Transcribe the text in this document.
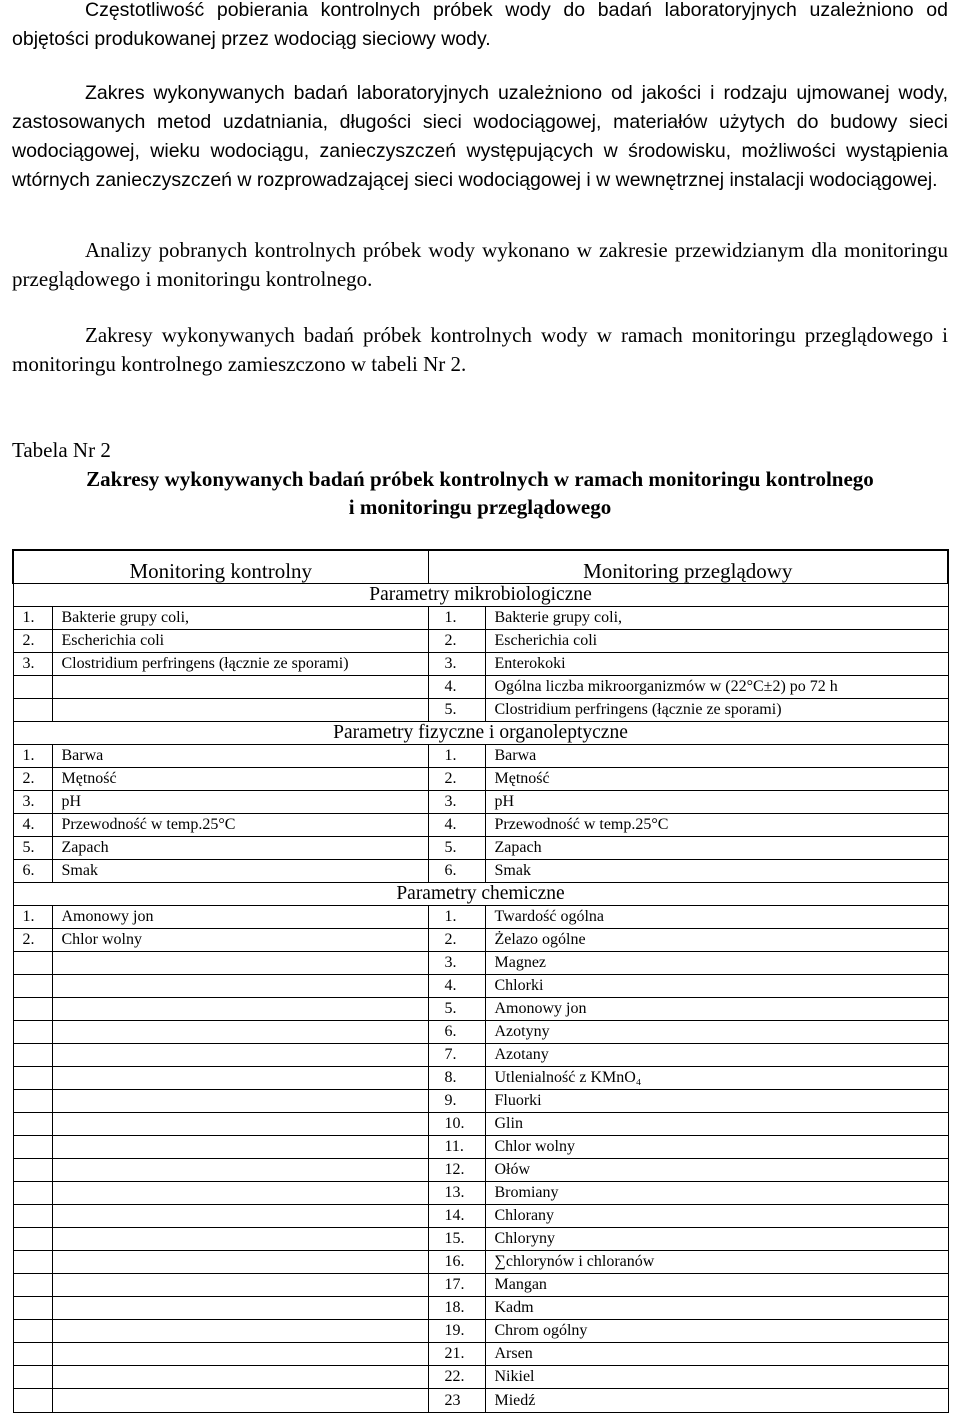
Częstotliwość pobierania kontrolnych próbek wody do badań laboratoryjnych uzależniono od objętości produkowanej przez wodociąg sieciowy wody.

Zakres wykonywanych badań laboratoryjnych uzależniono od jakości i rodzaju ujmowanej wody, zastosowanych metod uzdatniania, długości sieci wodociągowej, materiałów użytych do budowy sieci wodociągowej, wieku wodociągu, zanieczyszczeń występujących w środowisku, możliwości wystąpienia wtórnych zanieczyszczeń w rozprowadzającej sieci wodociągowej i w wewnętrznej instalacji wodociągowej.

Analizy pobranych kontrolnych próbek wody wykonano w zakresie przewidzianym dla monitoringu przeglądowego i monitoringu kontrolnego.

Zakresy wykonywanych badań próbek kontrolnych wody w ramach monitoringu przeglądowego i monitoringu kontrolnego zamieszczono w tabeli Nr 2.

Tabela Nr 2

Zakresy wykonywanych badań próbek kontrolnych w ramach monitoringu kontrolnego
i monitoringu przeglądowego
Monitoring kontrolny		Monitoring przeglądowy	
Parametry mikrobiologiczne			
1.	Bakterie grupy coli,	1.	Bakterie grupy coli,
2.	Escherichia coli	2.	Escherichia coli
3.	Clostridium perfringens (łącznie ze sporami)	3.	Enterokoki
		4.	Ogólna liczba mikroorganizmów w (22°C±2) po 72 h
		5.	Clostridium perfringens (łącznie ze sporami)
Parametry fizyczne i organoleptyczne			
1.	Barwa	1.	Barwa
2.	Mętność	2.	Mętność
3.	pH	3.	pH
4.	Przewodność w temp.25°C	4.	Przewodność w temp.25°C
5.	Zapach	5.	Zapach
6.	Smak	6.	Smak
Parametry chemiczne			
1.	Amonowy jon	1.	Twardość ogólna
2.	Chlor wolny	2.	Żelazo ogólne
		3.	Magnez
		4.	Chlorki
		5.	Amonowy jon
		6.	Azotyny
		7.	Azotany
		8.	Utlenialność z KMnO₄
		9.	Fluorki
		10.	Glin
		11.	Chlor wolny
		12.	Ołów
		13.	Bromiany
		14.	Chlorany
		15.	Chloryny
		16.	∑chlorynów i chloranów
		17.	Mangan
		18.	Kadm
		19.	Chrom ogólny
		21.	Arsen
		22.	Nikiel
		23	Miedź
